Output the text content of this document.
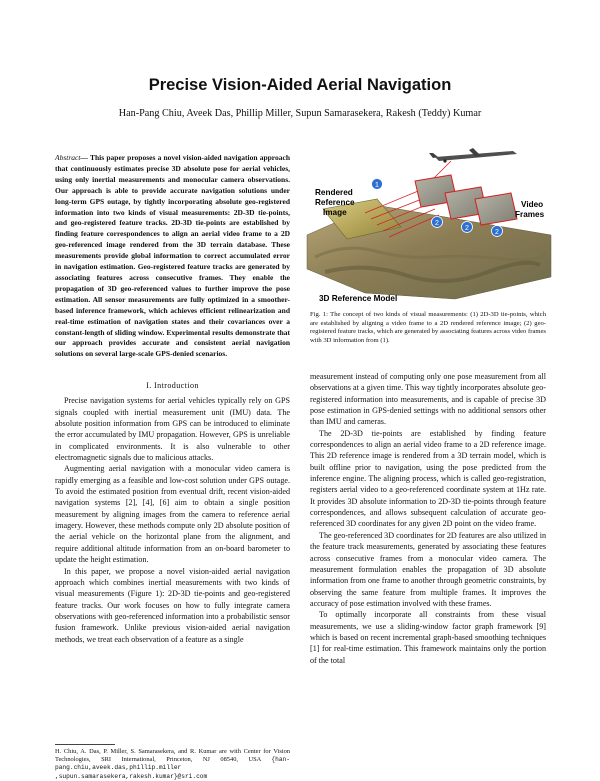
Precise Vision-Aided Aerial Navigation
Han-Pang Chiu, Aveek Das, Phillip Miller, Supun Samarasekera, Rakesh (Teddy) Kumar

Abstract— This paper proposes a novel vision-aided navigation approach that continuously estimates precise 3D absolute pose for aerial vehicles, using only inertial measurements and monocular camera observations. Our approach is able to provide accurate navigation solutions under long-term GPS outage, by tightly incorporating absolute geo-registered information into two kinds of visual measurements: 2D-3D tie-points, and geo-registered feature tracks. 2D-3D tie-points are established by finding feature correspondences to align an aerial video frame to a 2D geo-referenced image rendered from the 3D terrain database. These measurements provide global information to correct accumulated error in navigation estimation. Geo-registered feature tracks are generated by associating features across consecutive frames. They enable the propagation of 3D geo-referenced values to further improve the pose estimation. All sensor measurements are fully optimized in a smoother-based inference framework, which achieves efficient relinearization and real-time estimation of navigation states and their covariances over a constant-length of sliding window. Experimental results demonstrate that our approach provides accurate and consistent aerial navigation solutions on several large-scale GPS-denied scenarios.

I. Introduction

Precise navigation systems for aerial vehicles typically rely on GPS signals coupled with inertial measurement unit (IMU) data. The absolute position information from GPS can be introduced to eliminate the error accumulated by IMU propagation. However, GPS is unreliable in complicated environments. It is also vulnerable to other electromagnetic signals due to malicious attacks.

Augmenting aerial navigation with a monocular video camera is rapidly emerging as a feasible and low-cost solution under GPS outage. To avoid the estimated position from eventual drift, recent vision-aided navigation systems [2], [4], [6] aim to obtain a single position measurement by aligning images from the camera to reference aerial imagery. However, these methods compute only 2D absolute position of the aerial vehicle on the horizontal plane from the alignment, and require additional altitude information from an on-board barometer to update the height estimation.

In this paper, we propose a novel vision-aided aerial navigation approach which combines inertial measurements with two kinds of visual measurements (Figure 1): 2D-3D tie-points and geo-registered feature tracks. Our work focuses on how to fully integrate camera observations with geo-referenced information into a probabilistic sensor fusion framework. Unlike previous vision-aided aerial navigation methods, we treat each observation of a feature as a single

H. Chiu, A. Das, P. Miller, S. Samarasekera, and R. Kumar are with Center for Vision Technologies, SRI International, Princeton, NJ 08540, USA {han-pang.chiu,aveek.das,phillip.miller ,supun.samarasekera,rakesh.kumar}@sri.com
1
2
2
2
Rendered
Reference
Image
Video
Frames
3D Reference Model
Fig. 1: The concept of two kinds of visual measurements: (1) 2D-3D tie-points, which are established by aligning a video frame to a 2D rendered reference image; (2) geo-registered feature tracks, which are generated by associating features across video frames with 3D information from (1).

measurement instead of computing only one pose measurement from all observations at a given time. This way tightly incorporates absolute geo-registered information into measurements, and is capable of precise 3D pose estimation in GPS-denied settings with no additional sensors other than IMU and cameras.

The 2D-3D tie-points are established by finding feature correspondences to align an aerial video frame to a 2D reference image. This 2D reference image is rendered from a 3D terrain model, which is built offline prior to navigation, using the pose predicted from the inference engine. The aligning process, which is called geo-registration, registers aerial video to a geo-referenced coordinate system at 1Hz rate. It provides 3D absolute information to 2D-3D tie-points through feature correspondences, and allows subsequent calculation of accurate geo-referenced 3D coordinates for any given 2D point on the video frame.

The geo-referenced 3D coordinates for 2D features are also utilized in the feature track measurements, generated by associating these features across consecutive frames from a monocular video camera. The measurement formulation enables the propagation of 3D absolute information from one frame to another through geometric constraints, by observing the same feature from multiple frames. It improves the accuracy of pose estimation involved with these frames.

To optimally incorporate all constraints from these visual measurements, we use a sliding-window factor graph framework [9] which is based on recent incremental graph-based smoothing techniques [1] for real-time estimation. This framework maintains only the portion of the total
